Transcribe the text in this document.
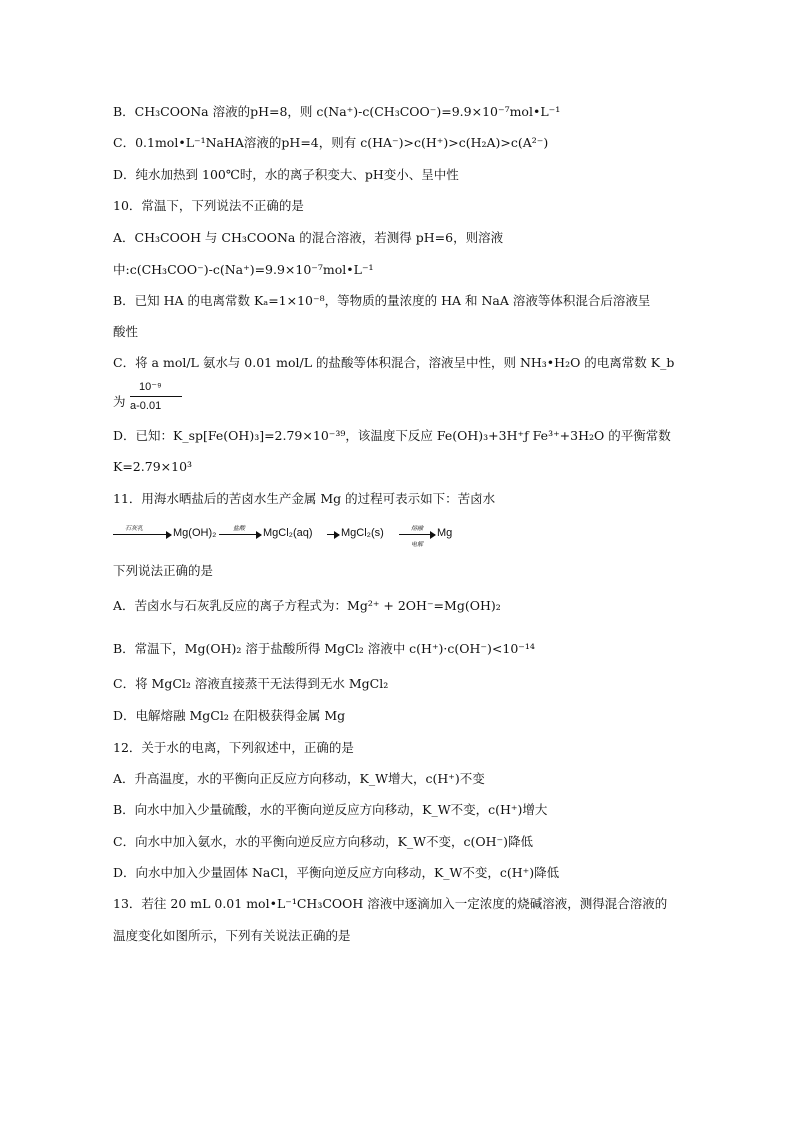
B．CH₃COONa 溶液的pH=8，则 c(Na⁺)-c(CH₃COO⁻)=9.9×10⁻⁷mol•L⁻¹
C．0.1mol•L⁻¹NaHA溶液的pH=4，则有 c(HA⁻)>c(H⁺)>c(H₂A)>c(A²⁻)
D．纯水加热到 100℃时，水的离子积变大、pH变小、呈中性
10．常温下，下列说法不正确的是
A．CH₃COOH 与 CH₃COONa 的混合溶液，若测得 pH=6，则溶液
中:c(CH₃COO⁻)-c(Na⁺)=9.9×10⁻⁷mol•L⁻¹
B．已知 HA 的电离常数 Kₐ=1×10⁻⁸，等物质的量浓度的 HA 和 NaA 溶液等体积混合后溶液呈
酸性
C．将 a mol/L 氨水与 0.01 mol/L 的盐酸等体积混合，溶液呈中性，则 NH₃•H₂O 的电离常数 K_b
为
10⁻⁹
a-0.01
D．已知：K_sp[Fe(OH)₃]=2.79×10⁻³⁹，该温度下反应 Fe(OH)₃+3H⁺ƒ Fe³⁺+3H₂O 的平衡常数
K=2.79×10³
11．用海水晒盐后的苦卤水生产金属 Mg 的过程可表示如下：苦卤水
石灰乳	Mg(OH)₂	盐酸 MgCl₂(aq)	MgCl₂(s)	熔融
电解
Mg
下列说法正确的是
A．苦卤水与石灰乳反应的离子方程式为：Mg²⁺ + 2OH⁻=Mg(OH)₂
B．常温下，Mg(OH)₂ 溶于盐酸所得 MgCl₂ 溶液中 c(H⁺)·c(OH⁻)<10⁻¹⁴
C．将 MgCl₂ 溶液直接蒸干无法得到无水 MgCl₂
D．电解熔融 MgCl₂ 在阳极获得金属 Mg
12．关于水的电离，下列叙述中，正确的是
A．升高温度，水的平衡向正反应方向移动，K_W增大，c(H⁺)不变
B．向水中加入少量硫酸，水的平衡向逆反应方向移动，K_W不变，c(H⁺)增大
C．向水中加入氨水，水的平衡向逆反应方向移动，K_W不变，c(OH⁻)降低
D．向水中加入少量固体 NaCl，平衡向逆反应方向移动，K_W不变，c(H⁺)降低
13．若往 20 mL 0.01 mol•L⁻¹CH₃COOH 溶液中逐滴加入一定浓度的烧碱溶液，测得混合溶液的
温度变化如图所示，下列有关说法正确的是
